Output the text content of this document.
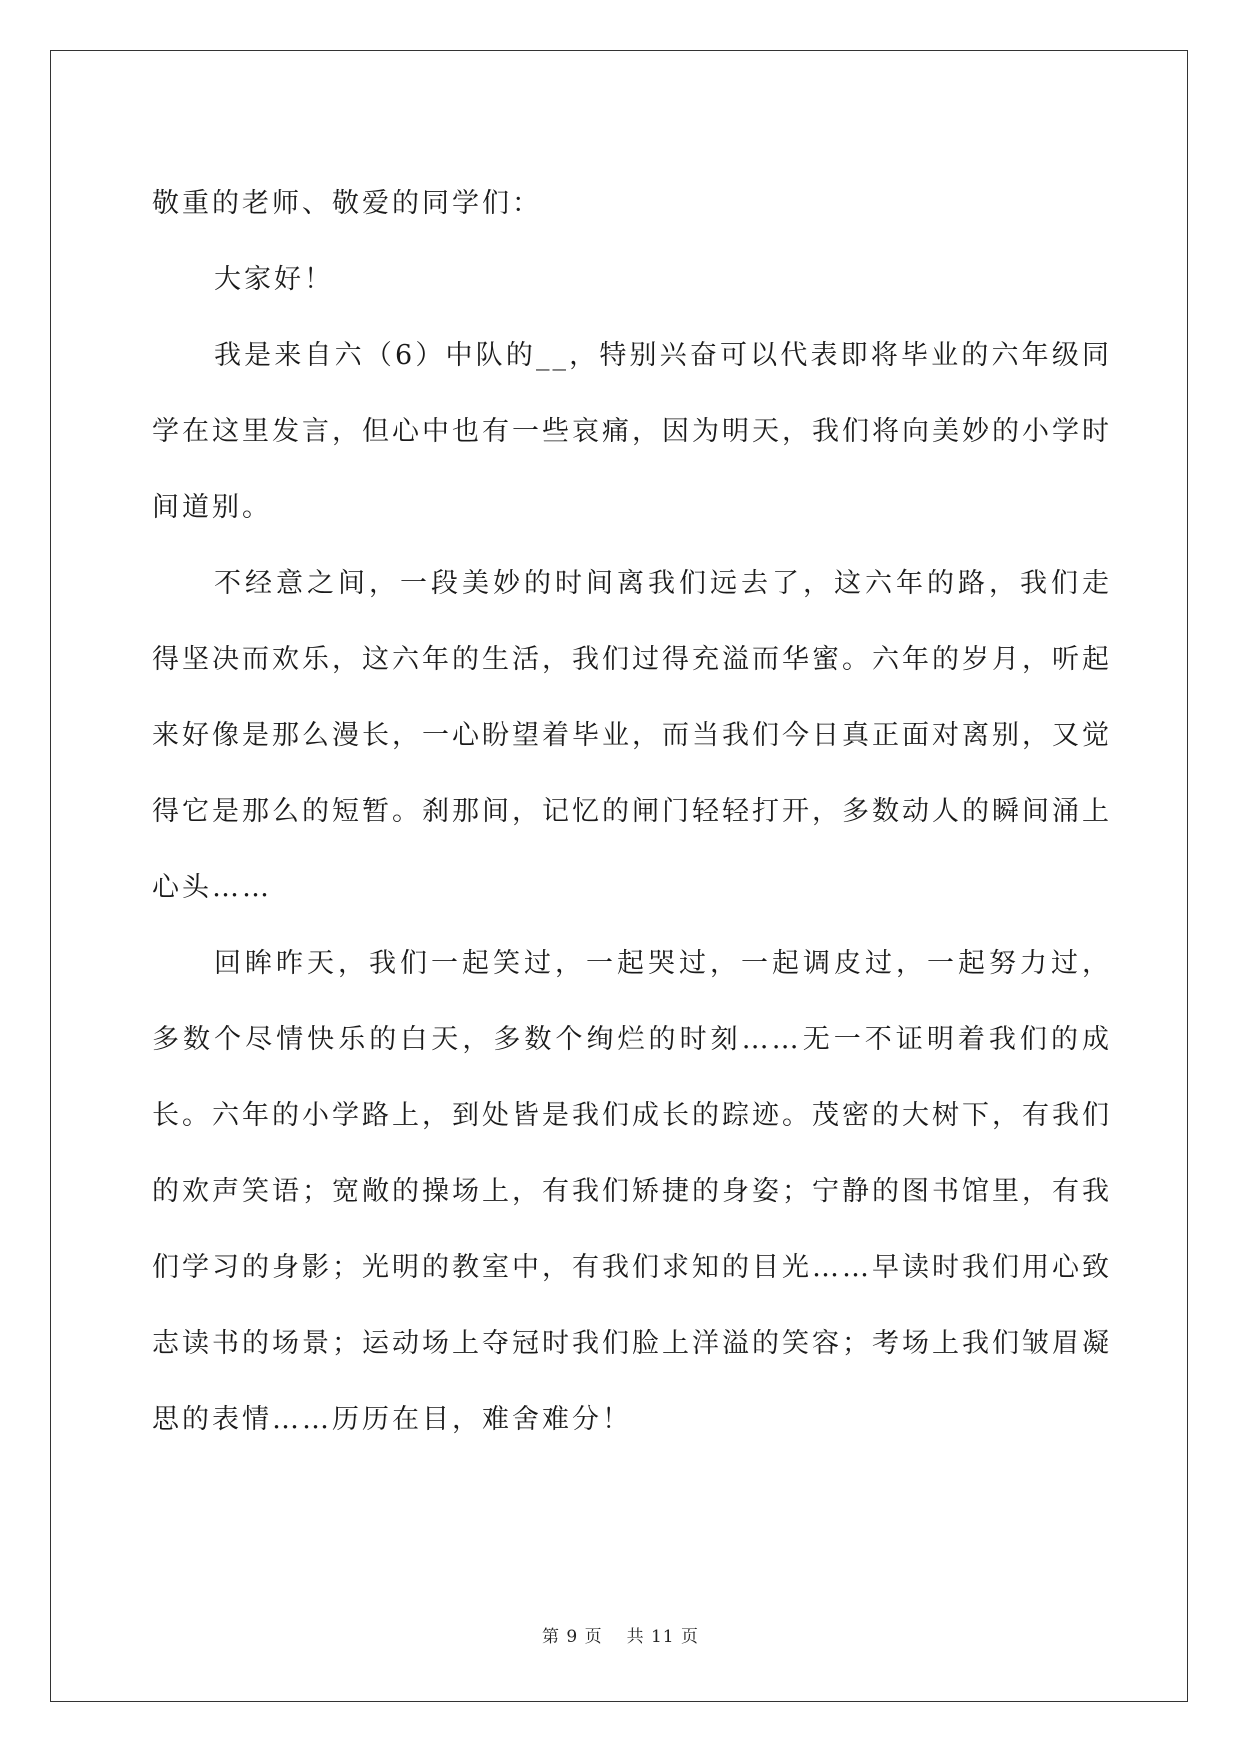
敬重的老师、敬爱的同学们：

大家好！

我是来自六（6）中队的__，特别兴奋可以代表即将毕业的六年级同学在这里发言，但心中也有一些哀痛，因为明天，我们将向美妙的小学时间道别。

不经意之间，一段美妙的时间离我们远去了，这六年的路，我们走得坚决而欢乐，这六年的生活，我们过得充溢而华蜜。六年的岁月，听起来好像是那么漫长，一心盼望着毕业，而当我们今日真正面对离别，又觉得它是那么的短暂。刹那间，记忆的闸门轻轻打开，多数动人的瞬间涌上心头……

回眸昨天，我们一起笑过，一起哭过，一起调皮过，一起努力过，多数个尽情快乐的白天，多数个绚烂的时刻……无一不证明着我们的成长。六年的小学路上，到处皆是我们成长的踪迹。茂密的大树下，有我们的欢声笑语；宽敞的操场上，有我们矫捷的身姿；宁静的图书馆里，有我们学习的身影；光明的教室中，有我们求知的目光……早读时我们用心致志读书的场景；运动场上夺冠时我们脸上洋溢的笑容；考场上我们皱眉凝思的表情……历历在目，难舍难分！

第 9 页 共 11 页
